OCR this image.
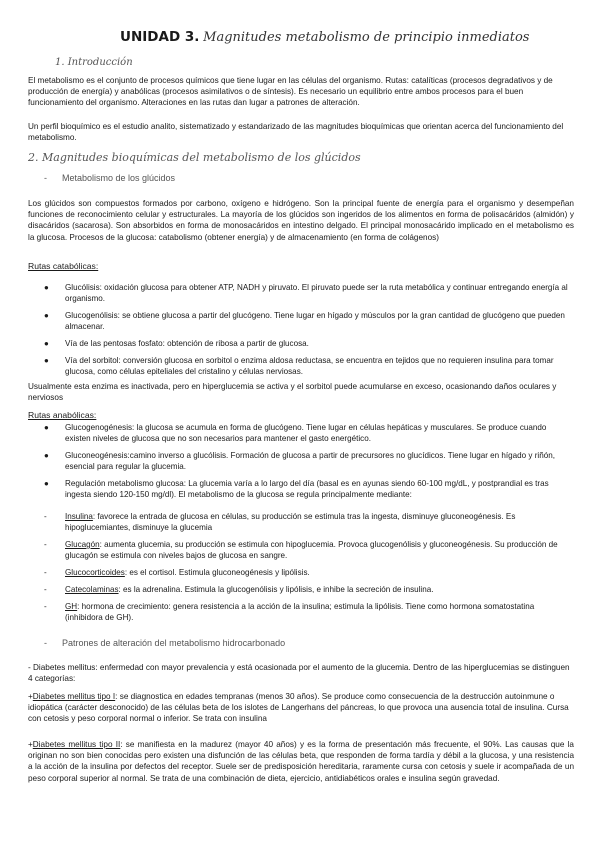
UNIDAD 3. Magnitudes metabolismo de principio inmediatos
1. Introducción
El metabolismo es el conjunto de procesos químicos que tiene lugar en las células del organismo. Rutas: catalíticas (procesos degradativos y de producción de energía) y anabólicas (procesos asimilativos o de síntesis). Es necesario un equilibrio entre ambos procesos para el buen funcionamiento del organismo. Alteraciones en las rutas dan lugar a patrones de alteración.
Un perfil bioquímico es el estudio analito, sistematizado y estandarizado de las magnitudes bioquímicas que orientan acerca del funcionamiento del metabolismo.
2. Magnitudes bioquímicas del metabolismo de los glúcidos
- Metabolismo de los glúcidos
Los glúcidos son compuestos formados por carbono, oxígeno e hidrógeno. Son la principal fuente de energía para el organismo y desempeñan funciones de reconocimiento celular y estructurales. La mayoría de los glúcidos son ingeridos de los alimentos en forma de polisacáridos (almidón) y disacáridos (sacarosa). Son absorbidos en forma de monosacáridos en intestino delgado. El principal monosacárido implicado en el metabolismo es la glucosa. Procesos de la glucosa: catabolismo (obtener energía) y de almacenamiento (en forma de colágenos)
Rutas catabólicas:
● Glucólisis: oxidación glucosa para obtener ATP, NADH y piruvato. El piruvato puede ser la ruta metabólica y continuar entregando energía al organismo.
● Glucogenólisis: se obtiene glucosa a partir del glucógeno. Tiene lugar en hígado y músculos por la gran cantidad de glucógeno que pueden almacenar.
● Vía de las pentosas fosfato: obtención de ribosa a partir de glucosa.
● Vía del sorbitol: conversión glucosa en sorbitol o enzima aldosa reductasa, se encuentra en tejidos que no requieren insulina para tomar glucosa, como células epiteliales del cristalino y células nerviosas.
Usualmente esta enzima es inactivada, pero en hiperglucemia se activa y el sorbitol puede acumularse en exceso, ocasionando daños oculares y nerviosos
Rutas anabólicas:
● Glucogenogénesis: la glucosa se acumula en forma de glucógeno. Tiene lugar en células hepáticas y musculares. Se produce cuando existen niveles de glucosa que no son necesarios para mantener el gasto energético.
● Gluconeogénesis:camino inverso a glucólisis. Formación de glucosa a partir de precursores no glucídicos. Tiene lugar en hígado y riñón, esencial para regular la glucemia.
● Regulación metabolismo glucosa: La glucemia varía a lo largo del día (basal es en ayunas siendo 60-100 mg/dL, y postprandial es tras ingesta siendo 120-150 mg/dl). El metabolismo de la glucosa se regula principalmente mediante:
- Insulina: favorece la entrada de glucosa en células, su producción se estimula tras la ingesta, disminuye gluconeogénesis. Es hipoglucemiantes, disminuye la glucemia
- Glucagón: aumenta glucemia, su producción se estimula con hipoglucemia. Provoca glucogenólisis y gluconeogénesis. Su producción de glucagón se estimula con niveles bajos de glucosa en sangre.
- Glucocorticoides: es el cortisol. Estimula gluconeogénesis y lipólisis.
- Catecolaminas: es la adrenalina. Estimula la glucogenólisis y lipólisis, e inhibe la secreción de insulina.
- GH: hormona de crecimiento: genera resistencia a la acción de la insulina; estimula la lipólisis. Tiene como hormona somatostatina (inhibidora de GH).
- Patrones de alteración del metabolismo hidrocarbonado
- Diabetes mellitus: enfermedad con mayor prevalencia y está ocasionada por el aumento de la glucemia. Dentro de las hiperglucemias se distinguen 4 categorías:
+Diabetes mellitus tipo I: se diagnostica en edades tempranas (menos 30 años). Se produce como consecuencia de la destrucción autoinmune o idiopática (carácter desconocido) de las células beta de los islotes de Langerhans del páncreas, lo que provoca una ausencia total de insulina. Cursa con cetosis y peso corporal normal o inferior. Se trata con insulina
+Diabetes mellitus tipo II: se manifiesta en la madurez (mayor 40 años) y es la forma de presentación más frecuente, el 90%. Las causas que la originan no son bien conocidas pero existen una disfunción de las células beta, que responden de forma tardía y débil a la glucosa, y una resistencia a la acción de la insulina por defectos del receptor. Suele ser de predisposición hereditaria, raramente cursa con cetosis y suele ir acompañada de un peso corporal superior al normal. Se trata de una combinación de dieta, ejercicio, antidiabéticos orales e insulina según gravedad.
